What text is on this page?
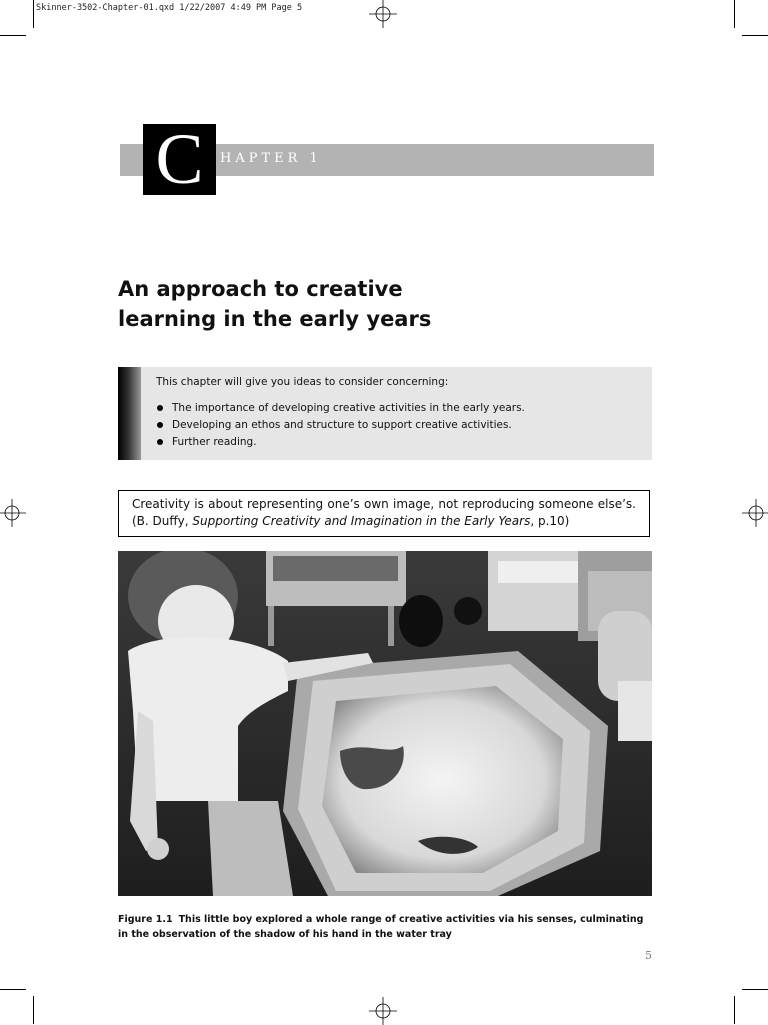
Skinner-3502-Chapter-01.qxd 1/22/2007 4:49 PM Page 5
HAPTER 1
C
An approach to creative
learning in the early years
This chapter will give you ideas to consider concerning:
The importance of developing creative activities in the early years.
Developing an ethos and structure to support creative activities.
Further reading.
Creativity is about representing one’s own image, not reproducing someone else’s.
(B. Duffy, Supporting Creativity and Imagination in the Early Years, p.10)
Figure 1.1 This little boy explored a whole range of creative activities via his senses, culminating
in the observation of the shadow of his hand in the water tray
5
